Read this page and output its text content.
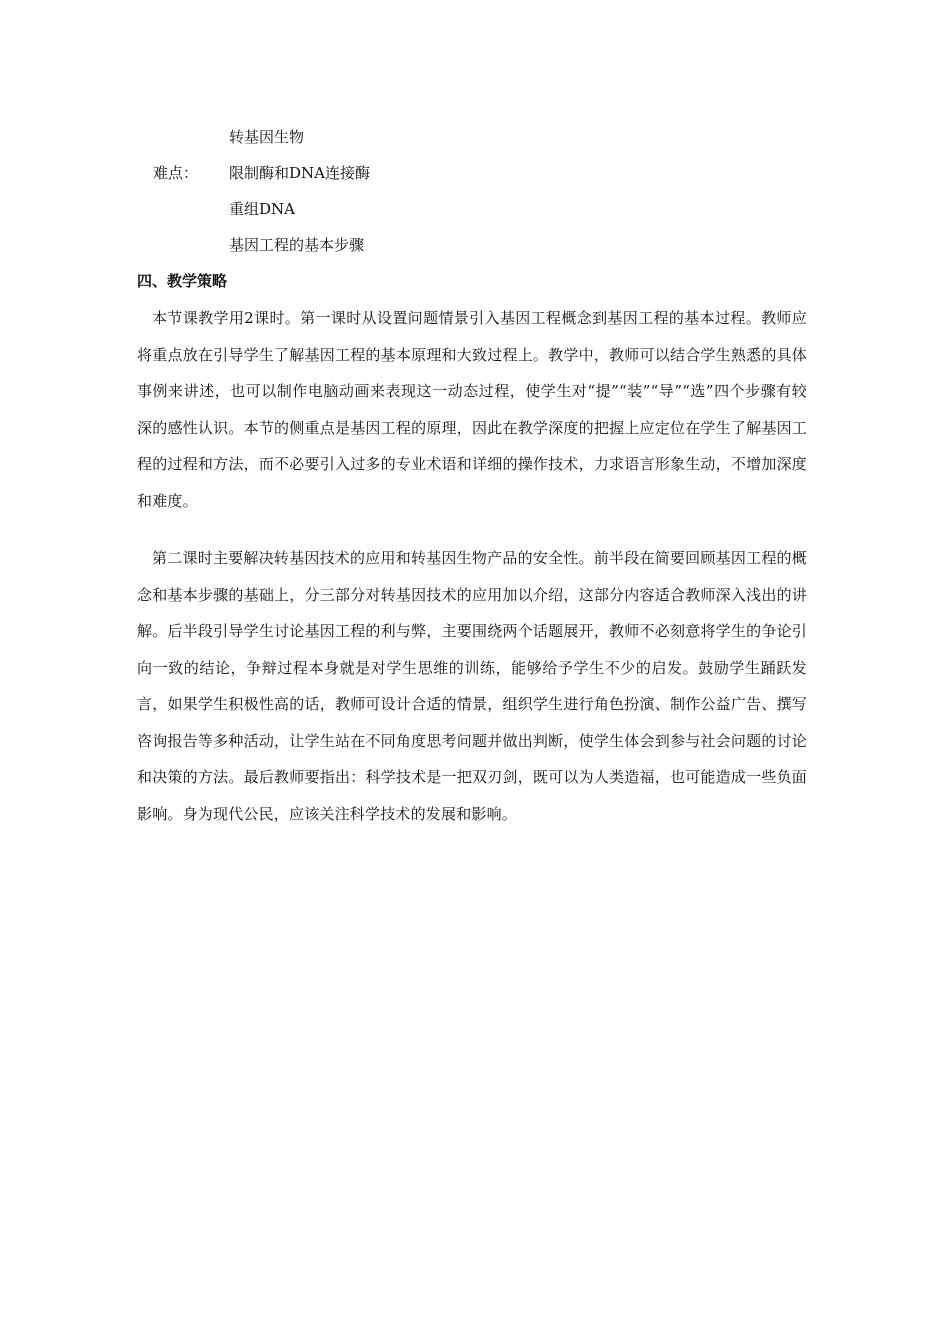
转基因生物
难点： 限制酶和DNA连接酶
重组DNA
基因工程的基本步骤
四、教学策略
本节课教学用2课时。第一课时从设置问题情景引入基因工程概念到基因工程的基本过程。教师应将重点放在引导学生了解基因工程的基本原理和大致过程上。教学中，教师可以结合学生熟悉的具体事例来讲述，也可以制作电脑动画来表现这一动态过程，使学生对“提”“装”“导”“选”四个步骤有较深的感性认识。本节的侧重点是基因工程的原理，因此在教学深度的把握上应定位在学生了解基因工程的过程和方法，而不必要引入过多的专业术语和详细的操作技术，力求语言形象生动，不增加深度和难度。
第二课时主要解决转基因技术的应用和转基因生物产品的安全性。前半段在简要回顾基因工程的概念和基本步骤的基础上，分三部分对转基因技术的应用加以介绍，这部分内容适合教师深入浅出的讲解。后半段引导学生讨论基因工程的利与弊，主要围绕两个话题展开，教师不必刻意将学生的争论引向一致的结论，争辩过程本身就是对学生思维的训练，能够给予学生不少的启发。鼓励学生踊跃发言，如果学生积极性高的话，教师可设计合适的情景，组织学生进行角色扮演、制作公益广告、撰写咨询报告等多种活动，让学生站在不同角度思考问题并做出判断，使学生体会到参与社会问题的讨论和决策的方法。最后教师要指出：科学技术是一把双刃剑，既可以为人类造福，也可能造成一些负面影响。身为现代公民，应该关注科学技术的发展和影响。
